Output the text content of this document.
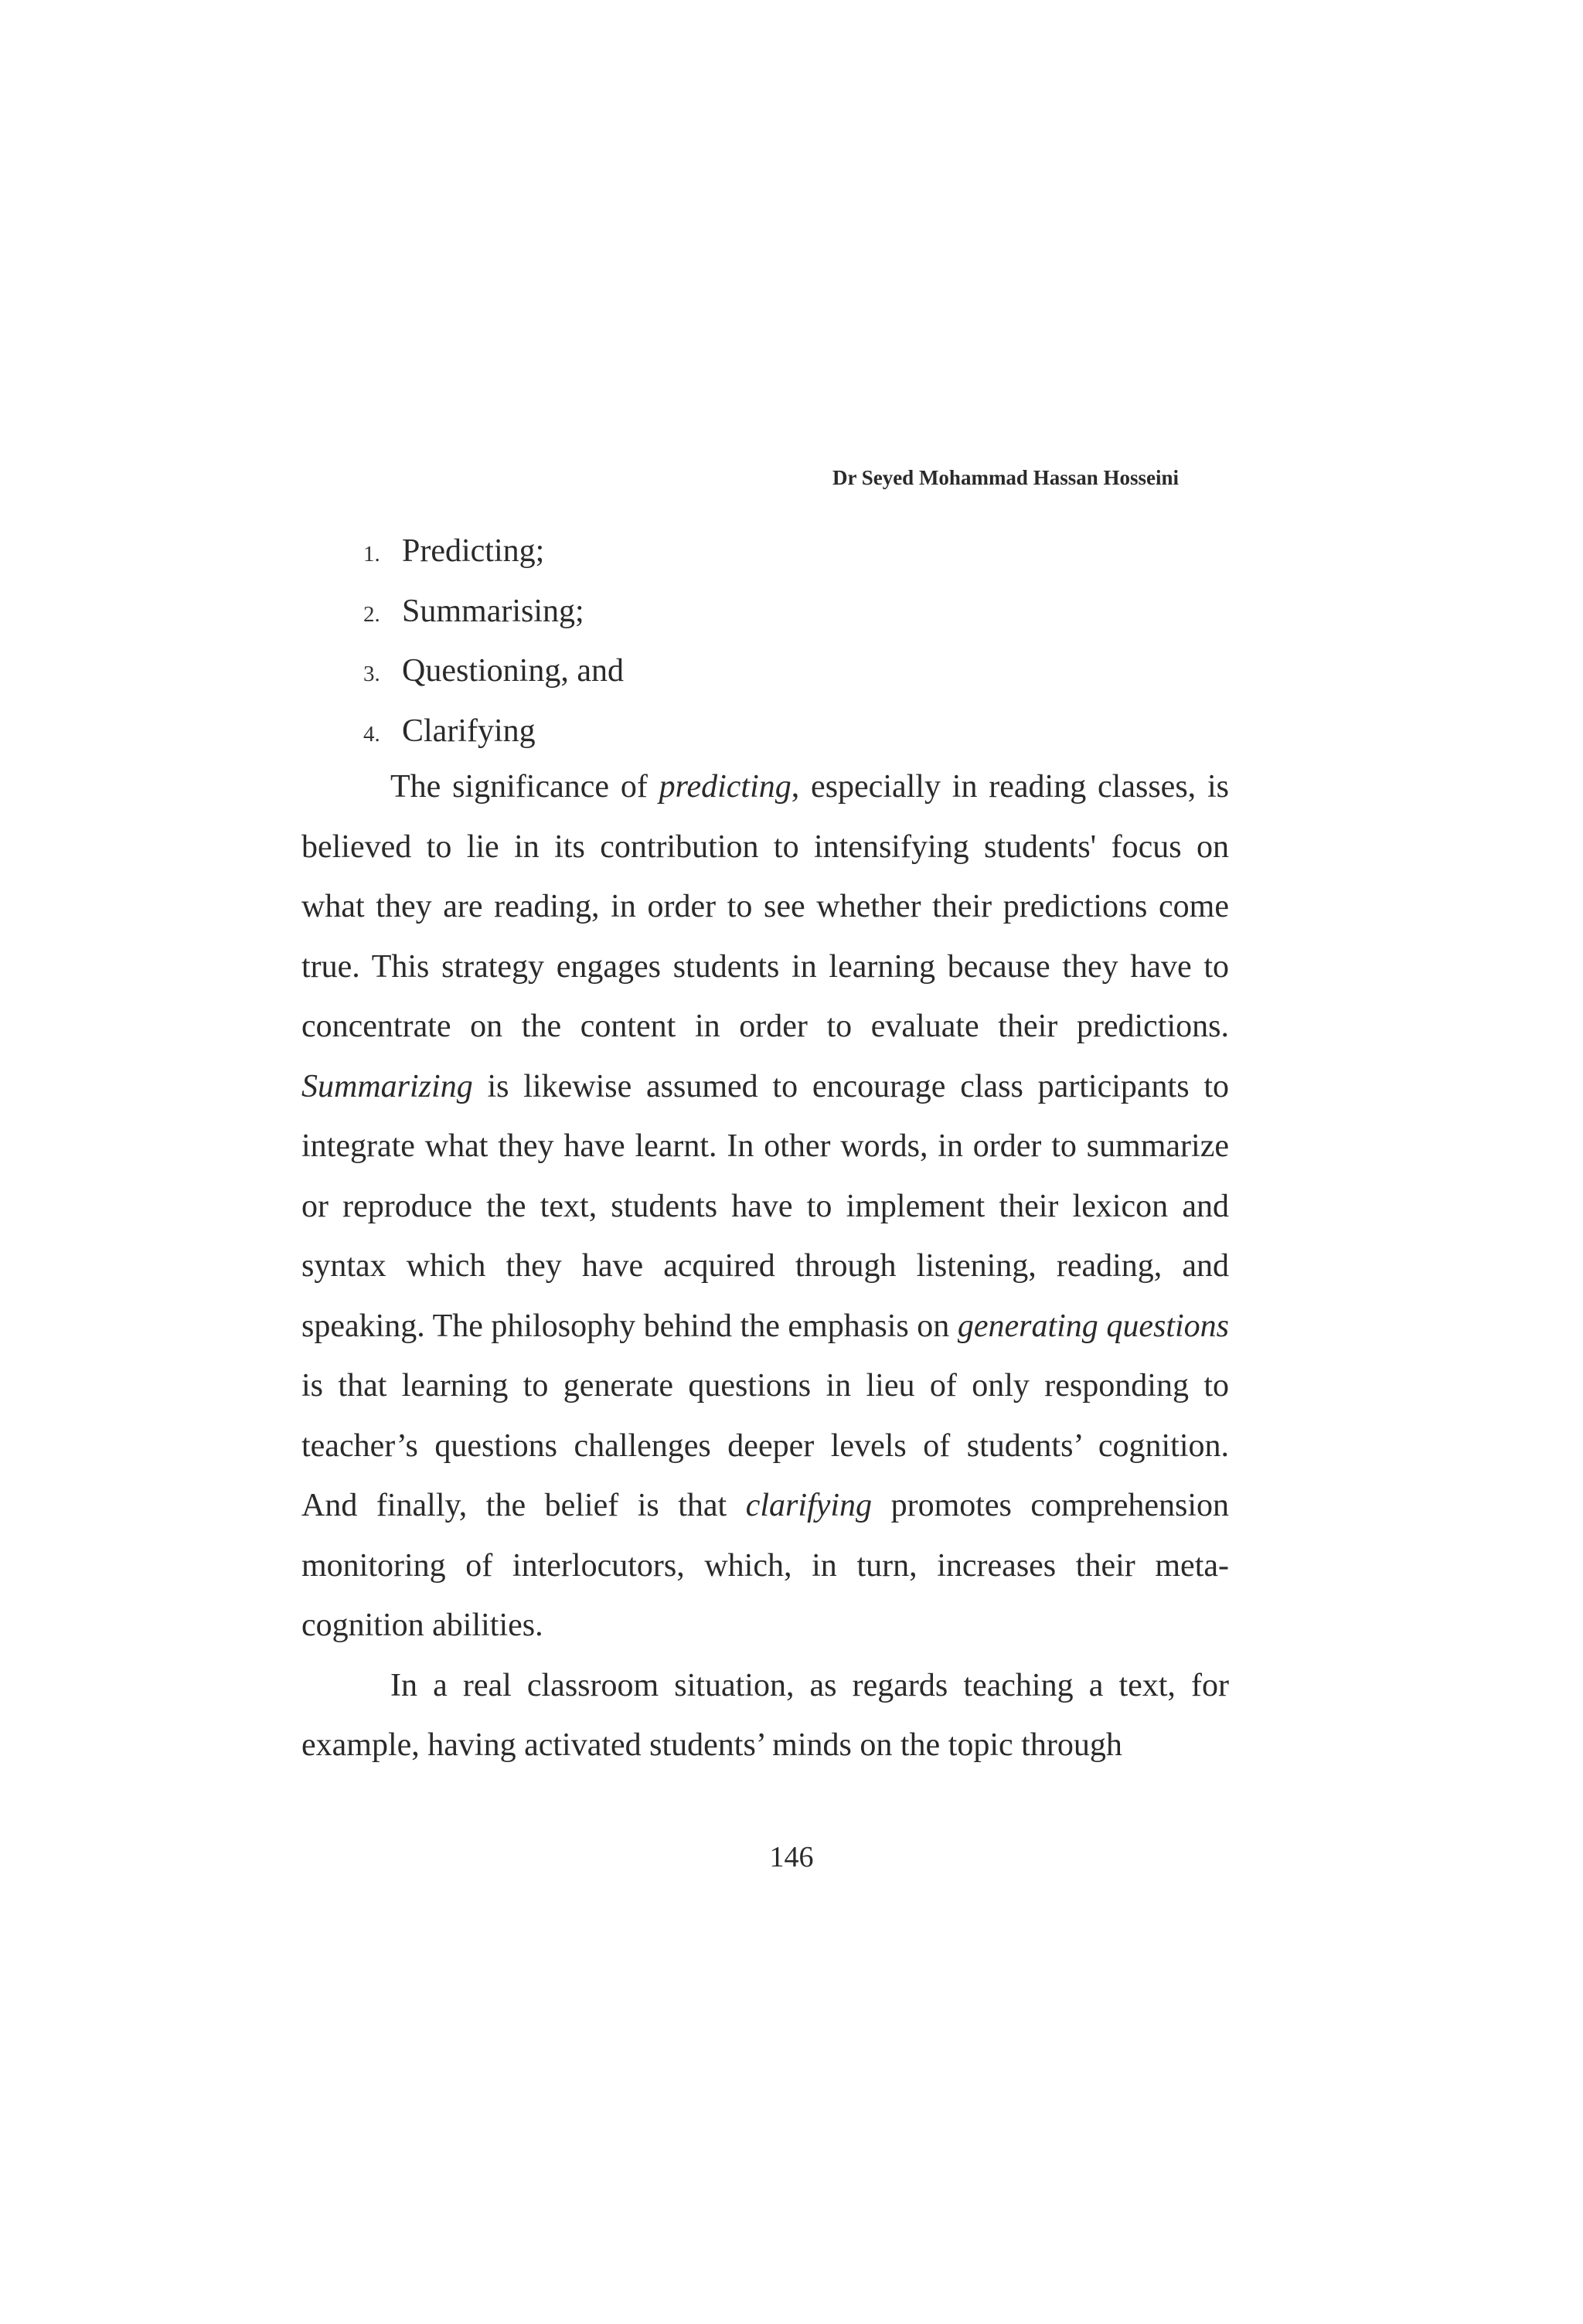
Dr Seyed Mohammad Hassan Hosseini
1. Predicting;
2. Summarising;
3. Questioning, and
4. Clarifying

The significance of predicting, especially in reading classes, is believed to lie in its contribution to intensifying students' focus on what they are reading, in order to see whether their predictions come true. This strategy engages students in learning because they have to concentrate on the content in order to evaluate their predictions. Summarizing is likewise assumed to encourage class participants to integrate what they have learnt. In other words, in order to summarize or reproduce the text, students have to implement their lexicon and syntax which they have acquired through listening, reading, and speaking. The philosophy behind the emphasis on generating questions is that learning to generate questions in lieu of only responding to teacher’s questions challenges deeper levels of students’ cognition. And finally, the belief is that clarifying promotes comprehension monitoring of interlocutors, which, in turn, increases their meta-cognition abilities.

In a real classroom situation, as regards teaching a text, for example, having activated students’ minds on the topic through

146
